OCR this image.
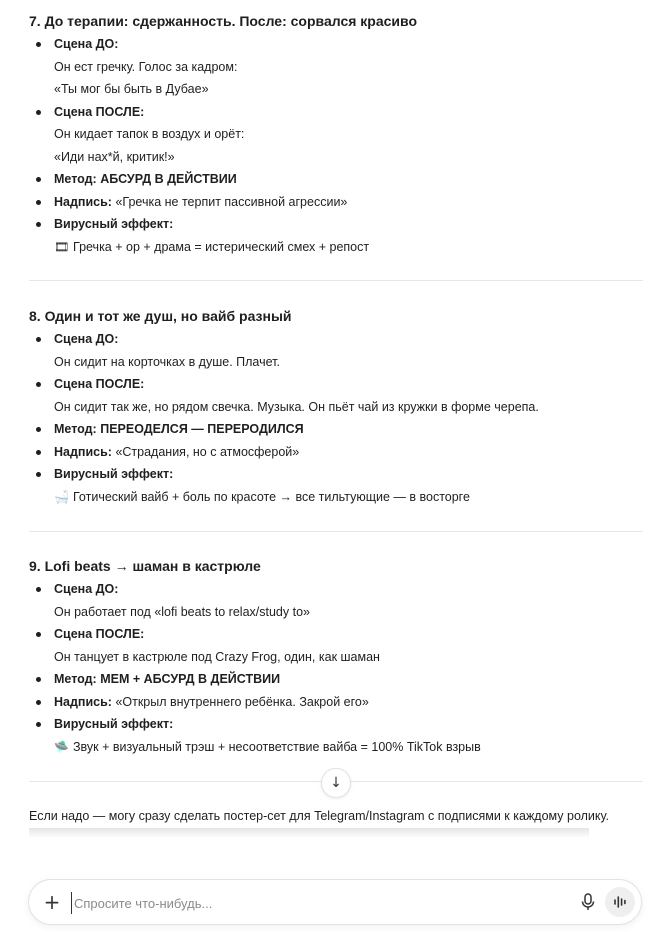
7. До терапии: сдержанность. После: сорвался красиво

Сцена ДО:
Он ест гречку. Голос за кадром:
«Ты мог бы быть в Дубае»
Сцена ПОСЛЕ:
Он кидает тапок в воздух и орёт:
«Иди нах*й, критик!»
Метод: АБСУРД В ДЕЙСТВИИ
Надпись: «Гречка не терпит пассивной агрессии»
Вирусный эффект:
🎞 Гречка + ор + драма = истерический смех + репост

8. Один и тот же душ, но вайб разный

Сцена ДО:
Он сидит на корточках в душе. Плачет.
Сцена ПОСЛЕ:
Он сидит так же, но рядом свечка. Музыка. Он пьёт чай из кружки в форме черепа.
Метод: ПЕРЕОДЕЛСЯ — ПЕРЕРОДИЛСЯ
Надпись: «Страдания, но с атмосферой»
Вирусный эффект:
🛁 Готический вайб + боль по красоте → все тильтующие — в восторге

9. Lofi beats → шаман в кастрюле

Сцена ДО:
Он работает под «lofi beats to relax/study to»
Сцена ПОСЛЕ:
Он танцует в кастрюле под Crazy Frog, один, как шаман
Метод: МЕМ + АБСУРД В ДЕЙСТВИИ
Надпись: «Открыл внутреннего ребёнка. Закрой его»
Вирусный эффект:
🛸 Звук + визуальный трэш + несоответствие вайба = 100% TikTok взрыв
Если надо — могу сразу сделать постер-сет для Telegram/Instagram с подписями к каждому ролику.
↓
+
Спросите что-нибудь...
